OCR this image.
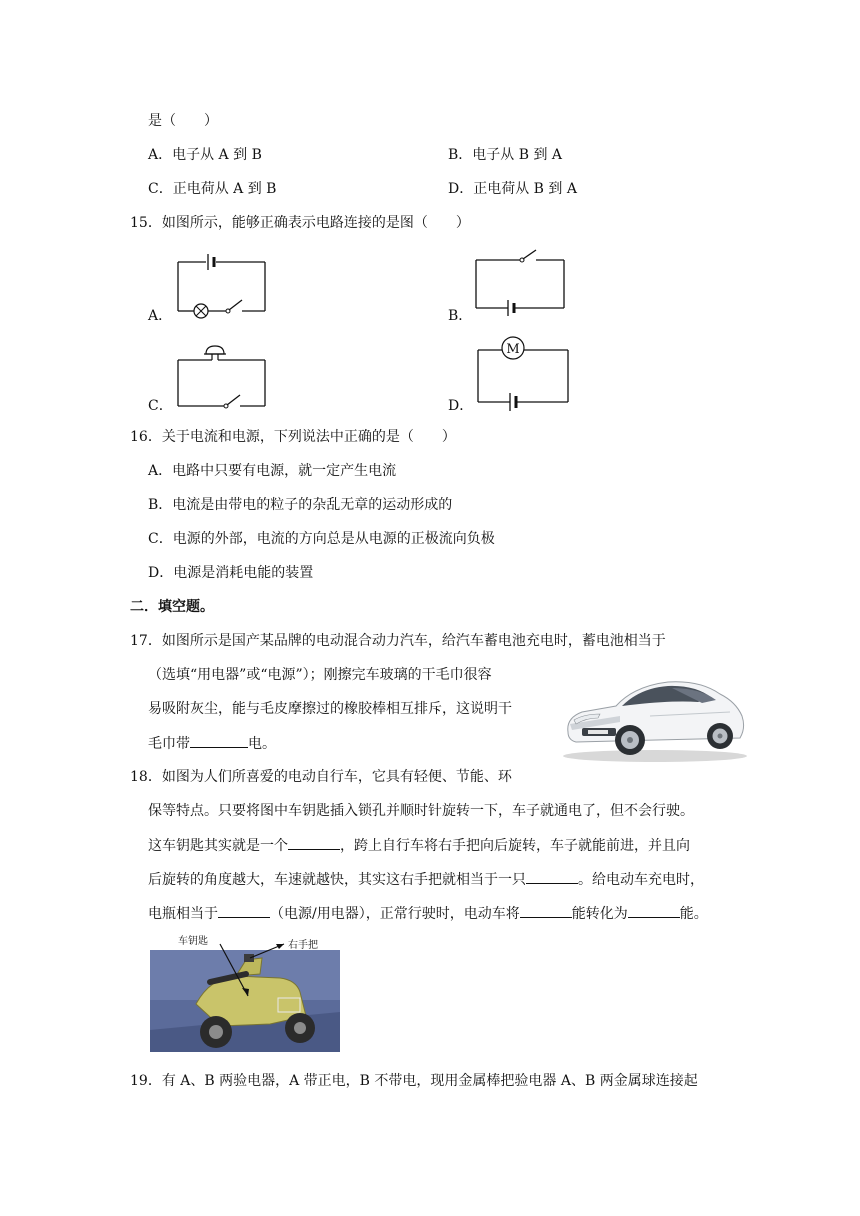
是（　　）
A．电子从 A 到 B	B．电子从 B 到 A
C．正电荷从 A 到 B	D．正电荷从 B 到 A
15．如图所示，能够正确表示电路连接的是图（　　）
A．	B．
C．	D．
M
16．关于电流和电源，下列说法中正确的是（　　）
A．电路中只要有电源，就一定产生电流
B．电流是由带电的粒子的杂乱无章的运动形成的
C．电源的外部，电流的方向总是从电源的正极流向负极
D．电源是消耗电能的装置
二．填空题。
17．如图所示是国产某品牌的电动混合动力汽车，给汽车蓄电池充电时，蓄电池相当于
（选填“用电器”或“电源”）；刚擦完车玻璃的干毛巾很容
易吸附灰尘，能与毛皮摩擦过的橡胶棒相互排斥，这说明干
毛巾带	电。
18．如图为人们所喜爱的电动自行车，它具有轻便、节能、环
保等特点。只要将图中车钥匙插入锁孔并顺时针旋转一下，车子就通电了，但不会行驶。
这车钥匙其实就是一个	，跨上自行车将右手把向后旋转，车子就能前进，并且向
后旋转的角度越大，车速就越快，其实这右手把就相当于一只	。给电动车充电时，
电瓶相当于	（电源/用电器），正常行驶时，电动车将	能转化为	能。
车钥匙	右手把
19．有 A、B 两验电器，A 带正电，B 不带电，现用金属棒把验电器 A、B 两金属球连接起
